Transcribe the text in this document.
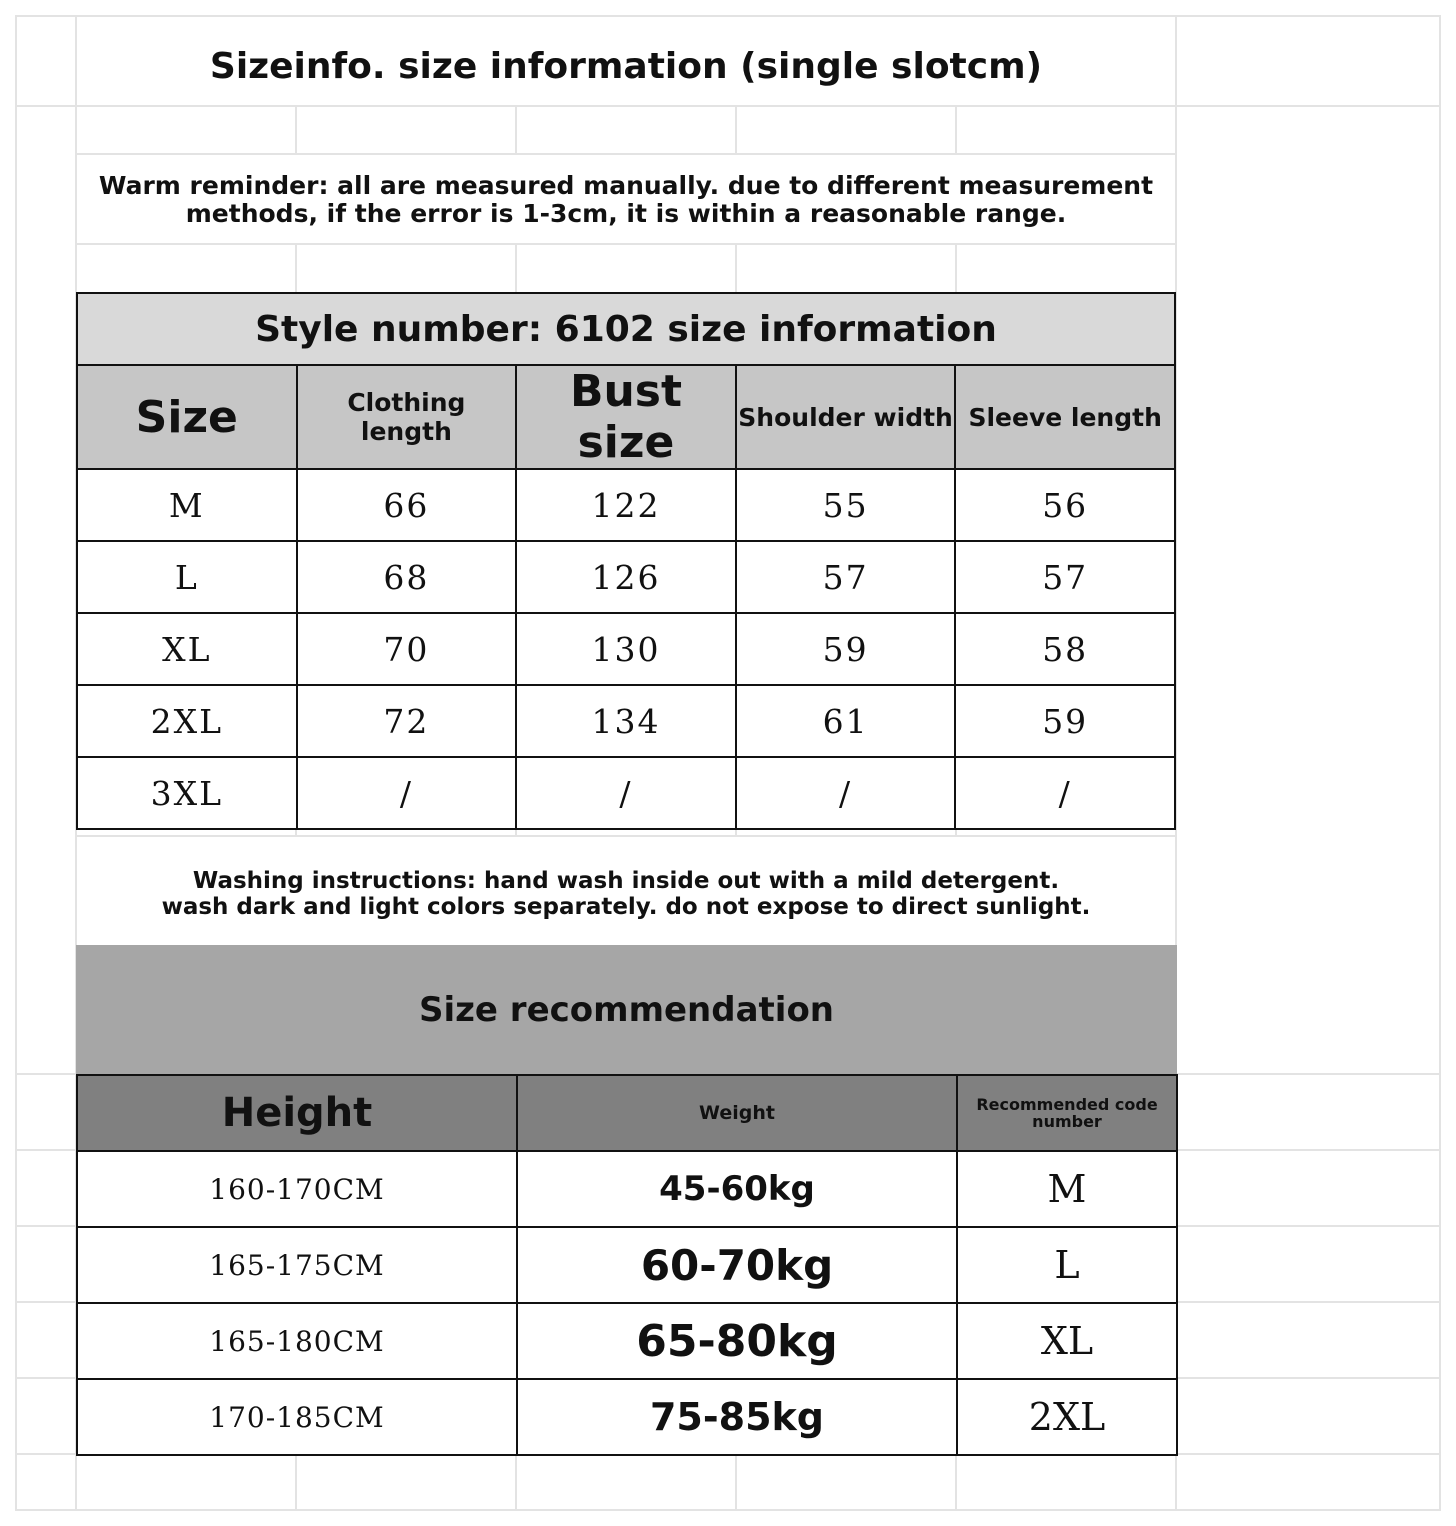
Sizeinfo. size information (single slotcm)
Warm reminder: all are measured manually. due to different measurement
methods, if the error is 1-3cm, it is within a reasonable range.
Style number: 6102 size information				
Size	Clothing length	Bust size	Shoulder width	Sleeve length
M	66	122	55	56
L	68	126	57	57
XL	70	130	59	58
2XL	72	134	61	59
3XL	/	/	/	/
Washing instructions: hand wash inside out with a mild detergent.
wash dark and light colors separately. do not expose to direct sunlight.
Size recommendation
Height	Weight	Recommended code number
160-170CM	45-60kg	M
165-175CM	60-70kg	L
165-180CM	65-80kg	XL
170-185CM	75-85kg	2XL
